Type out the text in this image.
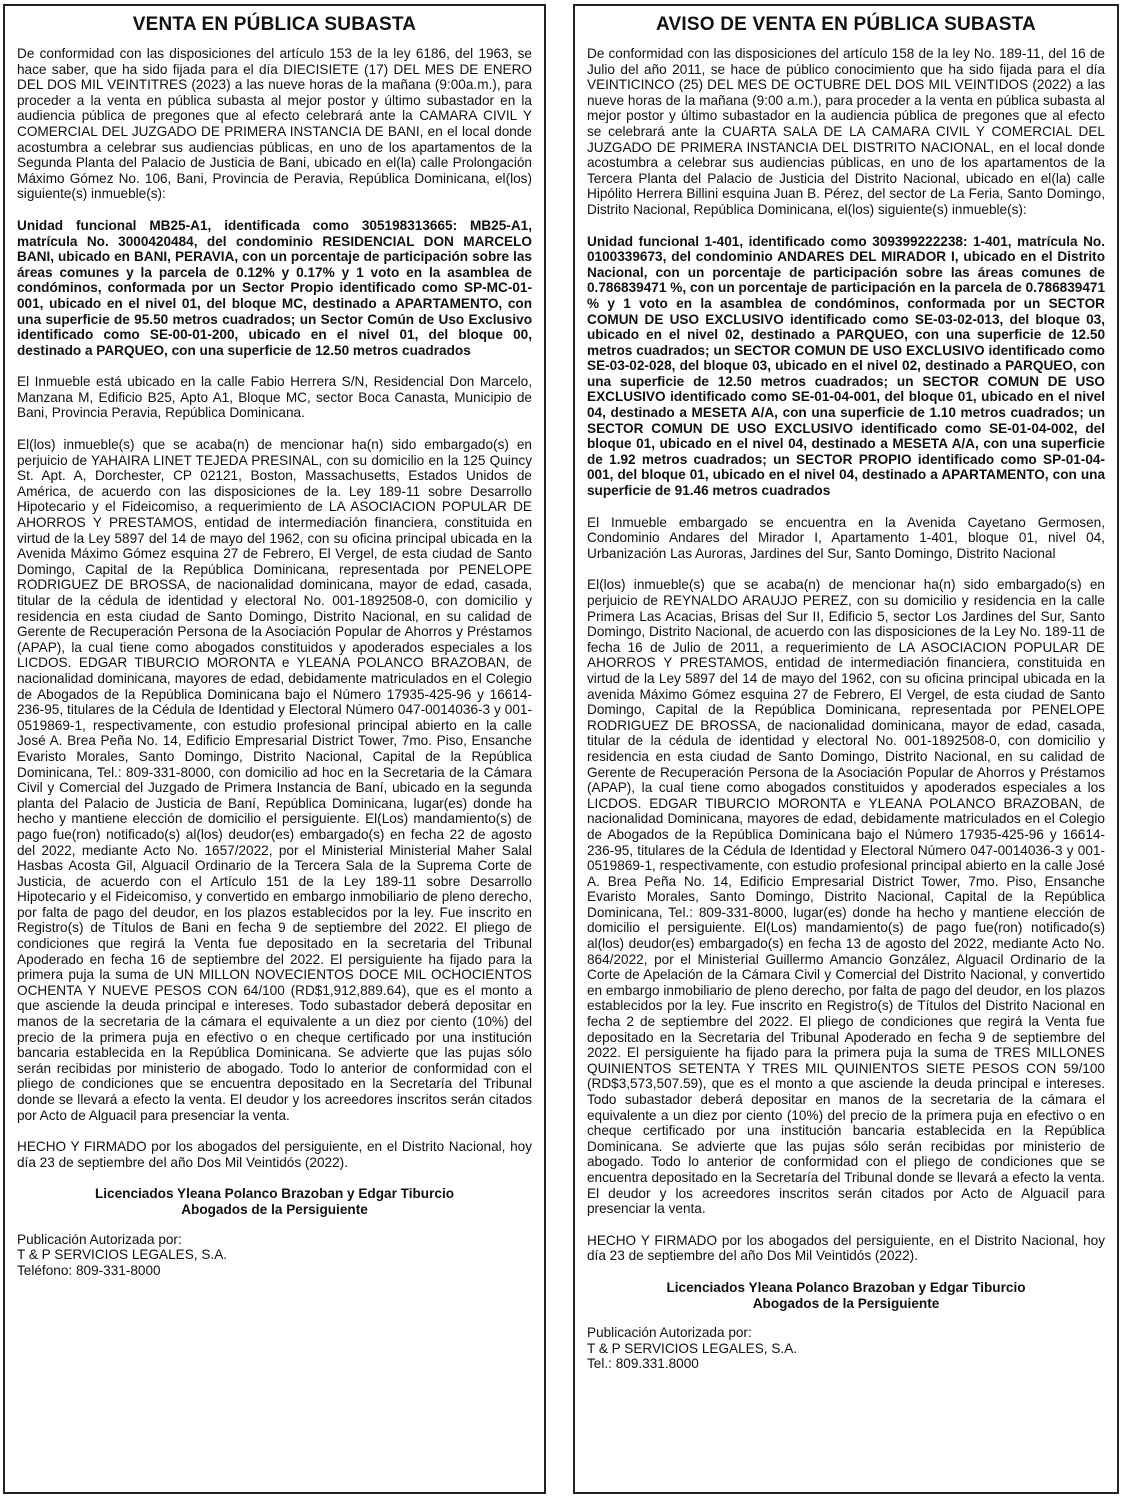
VENTA EN PÚBLICA SUBASTA

De conformidad con las disposiciones del artículo 153 de la ley 6186, del 1963, se hace saber, que ha sido fijada para el día DIECISIETE (17) DEL MES DE ENERO DEL DOS MIL VEINTITRES (2023) a las nueve horas de la mañana (9:00a.m.), para proceder a la venta en pública subasta al mejor postor y último subastador en la audiencia pública de pregones que al efecto celebrará ante la CAMARA CIVIL Y COMERCIAL DEL JUZGADO DE PRIMERA INSTANCIA DE BANI, en el local donde acostumbra a celebrar sus audiencias públicas, en uno de los apartamentos de la Segunda Planta del Palacio de Justicia de Bani, ubicado en el(la) calle Prolongación Máximo Gómez No. 106, Bani, Provincia de Peravia, República Dominicana, el(los) siguiente(s) inmueble(s):

Unidad funcional MB25-A1, identificada como 305198313665: MB25-A1, matrícula No. 3000420484, del condominio RESIDENCIAL DON MARCELO BANI, ubicado en BANI, PERAVIA, con un porcentaje de participación sobre las áreas comunes y la parcela de 0.12% y 0.17% y 1 voto en la asamblea de condóminos, conformada por un Sector Propio identificado como SP-MC-01-001, ubicado en el nivel 01, del bloque MC, destinado a APARTAMENTO, con una superficie de 95.50 metros cuadrados; un Sector Común de Uso Exclusivo identificado como SE-00-01-200, ubicado en el nivel 01, del bloque 00, destinado a PARQUEO, con una superficie de 12.50 metros cuadrados

El Inmueble está ubicado en la calle Fabio Herrera S/N, Residencial Don Marcelo, Manzana M, Edificio B25, Apto A1, Bloque MC, sector Boca Canasta, Municipio de Bani, Provincia Peravia, República Dominicana.

El(los) inmueble(s) que se acaba(n) de mencionar ha(n) sido embargado(s) en perjuicio de YAHAIRA LINET TEJEDA PRESINAL, con su domicilio en la 125 Quincy St. Apt. A, Dorchester, CP 02121, Boston, Massachusetts, Estados Unidos de América, de acuerdo con las disposiciones de la. Ley 189-11 sobre Desarrollo Hipotecario y el Fideicomiso, a requerimiento de LA ASOCIACION POPULAR DE AHORROS Y PRESTAMOS, entidad de intermediación financiera, constituida en virtud de la Ley 5897 del 14 de mayo del 1962, con su oficina principal ubicada en la Avenida Máximo Gómez esquina 27 de Febrero, El Vergel, de esta ciudad de Santo Domingo, Capital de la República Dominicana, representada por PENELOPE RODRIGUEZ DE BROSSA, de nacionalidad dominicana, mayor de edad, casada, titular de la cédula de identidad y electoral No. 001-1892508-0, con domicilio y residencia en esta ciudad de Santo Domingo, Distrito Nacional, en su calidad de Gerente de Recuperación Persona de la Asociación Popular de Ahorros y Préstamos (APAP), la cual tiene como abogados constituidos y apoderados especiales a los LICDOS. EDGAR TIBURCIO MORONTA e YLEANA POLANCO BRAZOBAN, de nacionalidad dominicana, mayores de edad, debidamente matriculados en el Colegio de Abogados de la República Dominicana bajo el Número 17935-425-96 y 16614-236-95, titulares de la Cédula de Identidad y Electoral Número 047-0014036-3 y 001-0519869-1, respectivamente, con estudio profesional principal abierto en la calle José A. Brea Peña No. 14, Edificio Empresarial District Tower, 7mo. Piso, Ensanche Evaristo Morales, Santo Domingo, Distrito Nacional, Capital de la República Dominicana, Tel.: 809-331-8000, con domicilio ad hoc en la Secretaria de la Cámara Civil y Comercial del Juzgado de Primera Instancia de Baní, ubicado en la segunda planta del Palacio de Justicia de Baní, República Dominicana, lugar(es) donde ha hecho y mantiene elección de domicilio el persiguiente. El(Los) mandamiento(s) de pago fue(ron) notificado(s) al(los) deudor(es) embargado(s) en fecha 22 de agosto del 2022, mediante Acto No. 1657/2022, por el Ministerial Ministerial Maher Salal Hasbas Acosta Gil, Alguacil Ordinario de la Tercera Sala de la Suprema Corte de Justicia, de acuerdo con el Artículo 151 de la Ley 189-11 sobre Desarrollo Hipotecario y el Fideicomiso, y convertido en embargo inmobiliario de pleno derecho, por falta de pago del deudor, en los plazos establecidos por la ley. Fue inscrito en Registro(s) de Títulos de Bani en fecha 9 de septiembre del 2022. El pliego de condiciones que regirá la Venta fue depositado en la secretaria del Tribunal Apoderado en fecha 16 de septiembre del 2022. El persiguiente ha fijado para la primera puja la suma de UN MILLON NOVECIENTOS DOCE MIL OCHOCIENTOS OCHENTA Y NUEVE PESOS CON 64/100 (RD$1,912,889.64), que es el monto a que asciende la deuda principal e intereses. Todo subastador deberá depositar en manos de la secretaria de la cámara el equivalente a un diez por ciento (10%) del precio de la primera puja en efectivo o en cheque certificado por una institución bancaria establecida en la República Dominicana. Se advierte que las pujas sólo serán recibidas por ministerio de abogado. Todo lo anterior de conformidad con el pliego de condiciones que se encuentra depositado en la Secretaría del Tribunal donde se llevará a efecto la venta. El deudor y los acreedores inscritos serán citados por Acto de Alguacil para presenciar la venta.

HECHO Y FIRMADO por los abogados del persiguiente, en el Distrito Nacional, hoy día 23 de septiembre del año Dos Mil Veintidós (2022).

Licenciados Yleana Polanco Brazoban y Edgar Tiburcio
Abogados de la Persiguiente
Publicación Autorizada por:
T & P SERVICIOS LEGALES, S.A.
Teléfono: 809-331-8000
AVISO DE VENTA EN PÚBLICA SUBASTA

De conformidad con las disposiciones del artículo 158 de la ley No. 189-11, del 16 de Julio del año 2011, se hace de público conocimiento que ha sido fijada para el día VEINTICINCO (25) DEL MES DE OCTUBRE DEL DOS MIL VEINTIDOS (2022) a las nueve horas de la mañana (9:00 a.m.), para proceder a la venta en pública subasta al mejor postor y último subastador en la audiencia pública de pregones que al efecto se celebrará ante la CUARTA SALA DE LA CAMARA CIVIL Y COMERCIAL DEL JUZGADO DE PRIMERA INSTANCIA DEL DISTRITO NACIONAL, en el local donde acostumbra a celebrar sus audiencias públicas, en uno de los apartamentos de la Tercera Planta del Palacio de Justicia del Distrito Nacional, ubicado en el(la) calle Hipólito Herrera Billini esquina Juan B. Pérez, del sector de La Feria, Santo Domingo, Distrito Nacional, República Dominicana, el(los) siguiente(s) inmueble(s):

Unidad funcional 1-401, identificado como 309399222238: 1-401, matrícula No. 0100339673, del condominio ANDARES DEL MIRADOR I, ubicado en el Distrito Nacional, con un porcentaje de participación sobre las áreas comunes de 0.786839471 %, con un porcentaje de participación en la parcela de 0.786839471 % y 1 voto en la asamblea de condóminos, conformada por un SECTOR COMUN DE USO EXCLUSIVO identificado como SE-03-02-013, del bloque 03, ubicado en el nivel 02, destinado a PARQUEO, con una superficie de 12.50 metros cuadrados; un SECTOR COMUN DE USO EXCLUSIVO identificado como SE-03-02-028, del bloque 03, ubicado en el nivel 02, destinado a PARQUEO, con una superficie de 12.50 metros cuadrados; un SECTOR COMUN DE USO EXCLUSIVO identificado como SE-01-04-001, del bloque 01, ubicado en el nivel 04, destinado a MESETA A/A, con una superficie de 1.10 metros cuadrados; un SECTOR COMUN DE USO EXCLUSIVO identificado como SE-01-04-002, del bloque 01, ubicado en el nivel 04, destinado a MESETA A/A, con una superficie de 1.92 metros cuadrados; un SECTOR PROPIO identificado como SP-01-04-001, del bloque 01, ubicado en el nivel 04, destinado a APARTAMENTO, con una superficie de 91.46 metros cuadrados

El Inmueble embargado se encuentra en la Avenida Cayetano Germosen, Condominio Andares del Mirador I, Apartamento 1-401, bloque 01, nivel 04, Urbanización Las Auroras, Jardines del Sur, Santo Domingo, Distrito Nacional

El(los) inmueble(s) que se acaba(n) de mencionar ha(n) sido embargado(s) en perjuicio de REYNALDO ARAUJO PEREZ, con su domicilio y residencia en la calle Primera Las Acacias, Brisas del Sur II, Edificio 5, sector Los Jardines del Sur, Santo Domingo, Distrito Nacional, de acuerdo con las disposiciones de la Ley No. 189-11 de fecha 16 de Julio de 2011, a requerimiento de LA ASOCIACION POPULAR DE AHORROS Y PRESTAMOS, entidad de intermediación financiera, constituida en virtud de la Ley 5897 del 14 de mayo del 1962, con su oficina principal ubicada en la avenida Máximo Gómez esquina 27 de Febrero, El Vergel, de esta ciudad de Santo Domingo, Capital de la República Dominicana, representada por PENELOPE RODRIGUEZ DE BROSSA, de nacionalidad dominicana, mayor de edad, casada, titular de la cédula de identidad y electoral No. 001-1892508-0, con domicilio y residencia en esta ciudad de Santo Domingo, Distrito Nacional, en su calidad de Gerente de Recuperación Persona de la Asociación Popular de Ahorros y Préstamos (APAP), la cual tiene como abogados constituidos y apoderados especiales a los LICDOS. EDGAR TIBURCIO MORONTA e YLEANA POLANCO BRAZOBAN, de nacionalidad Dominicana, mayores de edad, debidamente matriculados en el Colegio de Abogados de la República Dominicana bajo el Número 17935-425-96 y 16614-236-95, titulares de la Cédula de Identidad y Electoral Número 047-0014036-3 y 001-0519869-1, respectivamente, con estudio profesional principal abierto en la calle José A. Brea Peña No. 14, Edificio Empresarial District Tower, 7mo. Piso, Ensanche Evaristo Morales, Santo Domingo, Distrito Nacional, Capital de la República Dominicana, Tel.: 809-331-8000, lugar(es) donde ha hecho y mantiene elección de domicilio el persiguiente. El(Los) mandamiento(s) de pago fue(ron) notificado(s) al(los) deudor(es) embargado(s) en fecha 13 de agosto del 2022, mediante Acto No. 864/2022, por el Ministerial Guillermo Amancio González, Alguacil Ordinario de la Corte de Apelación de la Cámara Civil y Comercial del Distrito Nacional, y convertido en embargo inmobiliario de pleno derecho, por falta de pago del deudor, en los plazos establecidos por la ley. Fue inscrito en Registro(s) de Títulos del Distrito Nacional en fecha 2 de septiembre del 2022. El pliego de condiciones que regirá la Venta fue depositado en la Secretaria del Tribunal Apoderado en fecha 9 de septiembre del 2022. El persiguiente ha fijado para la primera puja la suma de TRES MILLONES QUINIENTOS SETENTA Y TRES MIL QUINIENTOS SIETE PESOS CON 59/100 (RD$3,573,507.59), que es el monto a que asciende la deuda principal e intereses. Todo subastador deberá depositar en manos de la secretaria de la cámara el equivalente a un diez por ciento (10%) del precio de la primera puja en efectivo o en cheque certificado por una institución bancaria establecida en la República Dominicana. Se advierte que las pujas sólo serán recibidas por ministerio de abogado. Todo lo anterior de conformidad con el pliego de condiciones que se encuentra depositado en la Secretaría del Tribunal donde se llevará a efecto la venta. El deudor y los acreedores inscritos serán citados por Acto de Alguacil para presenciar la venta.

HECHO Y FIRMADO por los abogados del persiguiente, en el Distrito Nacional, hoy día 23 de septiembre del año Dos Mil Veintidós (2022).

Licenciados Yleana Polanco Brazoban y Edgar Tiburcio
Abogados de la Persiguiente
Publicación Autorizada por:
T & P SERVICIOS LEGALES, S.A.
Tel.: 809.331.8000
